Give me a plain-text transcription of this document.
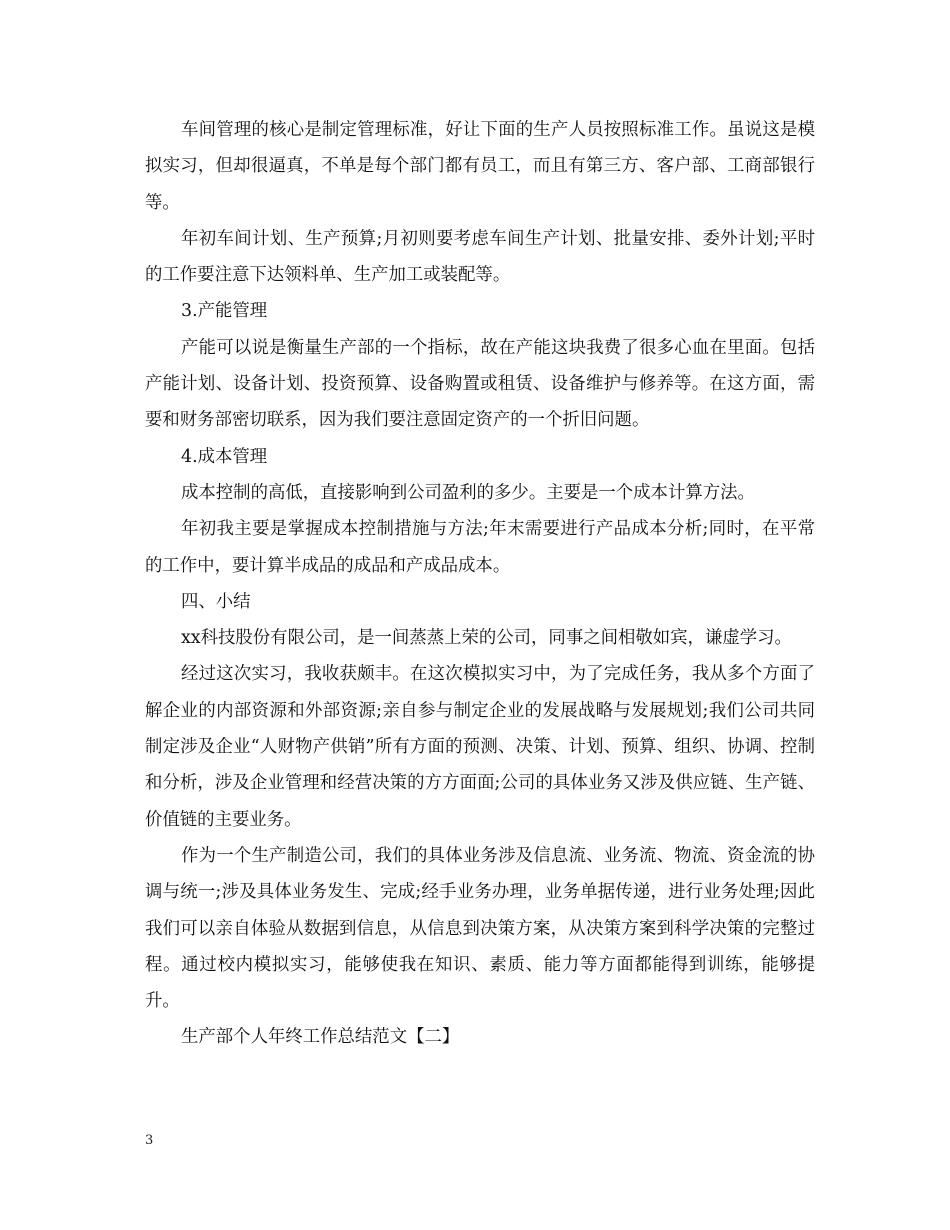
车间管理的核心是制定管理标准，好让下面的生产人员按照标准工作。虽说这是模拟实习，但却很逼真，不单是每个部门都有员工，而且有第三方、客户部、工商部银行等。

年初车间计划、生产预算;月初则要考虑车间生产计划、批量安排、委外计划;平时的工作要注意下达领料单、生产加工或装配等。

3.产能管理

产能可以说是衡量生产部的一个指标，故在产能这块我费了很多心血在里面。包括产能计划、设备计划、投资预算、设备购置或租赁、设备维护与修养等。在这方面，需要和财务部密切联系，因为我们要注意固定资产的一个折旧问题。

4.成本管理

成本控制的高低，直接影响到公司盈利的多少。主要是一个成本计算方法。

年初我主要是掌握成本控制措施与方法;年末需要进行产品成本分析;同时，在平常的工作中，要计算半成品的成品和产成品成本。

四、小结

xx科技股份有限公司，是一间蒸蒸上荣的公司，同事之间相敬如宾，谦虚学习。

经过这次实习，我收获颇丰。在这次模拟实习中，为了完成任务，我从多个方面了解企业的内部资源和外部资源;亲自参与制定企业的发展战略与发展规划;我们公司共同制定涉及企业“人财物产供销”所有方面的预测、决策、计划、预算、组织、协调、控制和分析，涉及企业管理和经营决策的方方面面;公司的具体业务又涉及供应链、生产链、价值链的主要业务。

作为一个生产制造公司，我们的具体业务涉及信息流、业务流、物流、资金流的协调与统一;涉及具体业务发生、完成;经手业务办理，业务单据传递，进行业务处理;因此我们可以亲自体验从数据到信息，从信息到决策方案，从决策方案到科学决策的完整过程。通过校内模拟实习，能够使我在知识、素质、能力等方面都能得到训练，能够提升。

生产部个人年终工作总结范文【二】

3
